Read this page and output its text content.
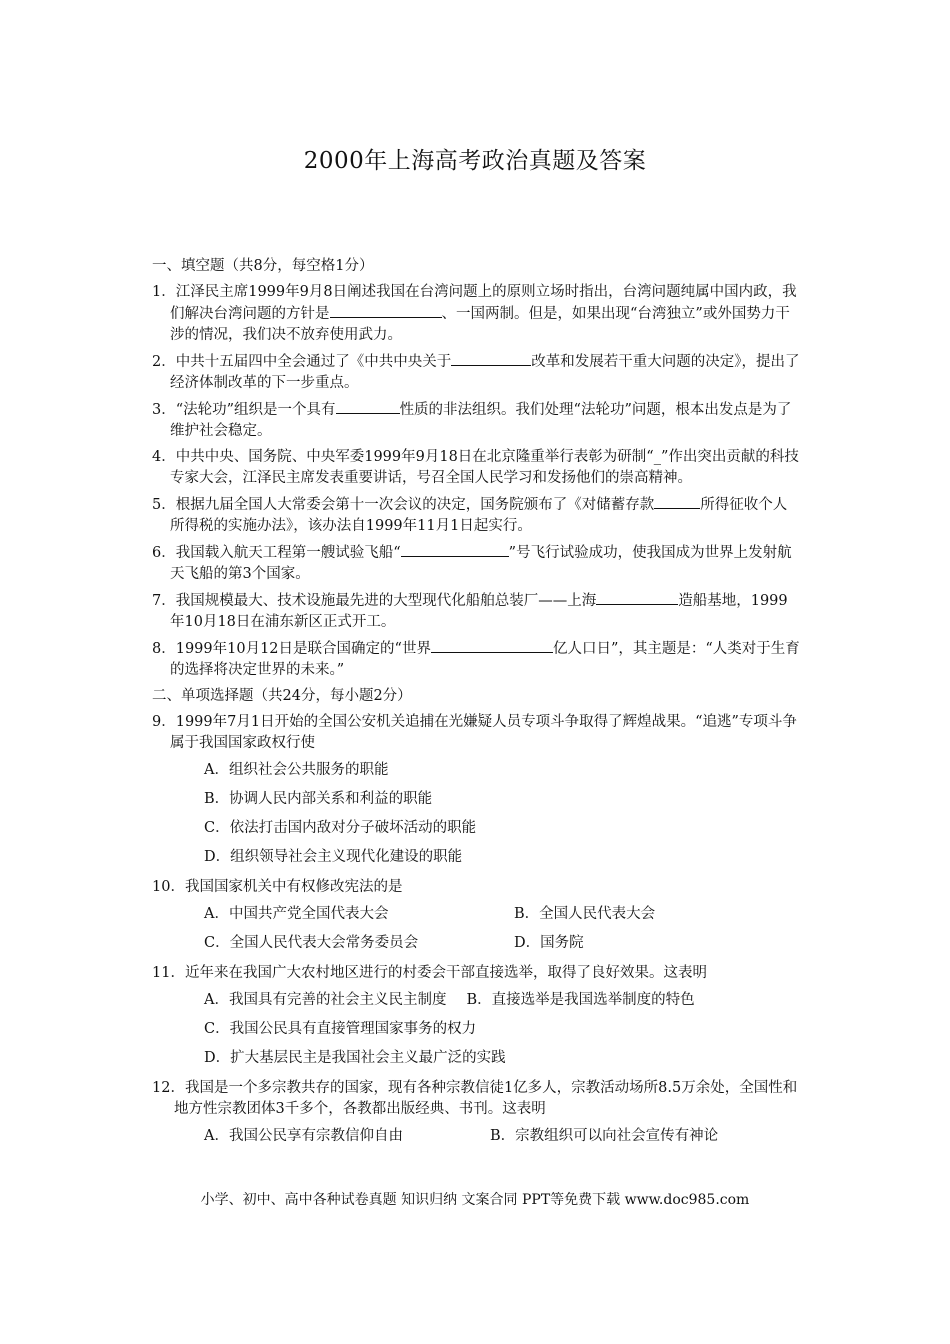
2000年上海高考政治真题及答案
一、填空题（共8分，每空格1分）
1．江泽民主席1999年9月8日阐述我国在台湾问题上的原则立场时指出，台湾问题纯属中国内政，我们解决台湾问题的方针是	、一国两制。但是，如果出现“台湾独立”或外国势力干涉的情况，我们决不放弃使用武力。
2．中共十五届四中全会通过了《中共中央关于	改革和发展若干重大问题的决定》，提出了经济体制改革的下一步重点。
3．“法轮功”组织是一个具有	性质的非法组织。我们处理“法轮功”问题，根本出发点是为了维护社会稳定。
4．中共中央、国务院、中央军委1999年9月18日在北京隆重举行表彰为研制“_”作出突出贡献的科技专家大会，江泽民主席发表重要讲话，号召全国人民学习和发扬他们的崇高精神。
5．根据九届全国人大常委会第十一次会议的决定，国务院颁布了《对储蓄存款	所得征收个人所得税的实施办法》，该办法自1999年11月1日起实行。
6．我国载入航天工程第一艘试验飞船“	”号飞行试验成功，使我国成为世界上发射航天飞船的第3个国家。
7．我国规模最大、技术设施最先进的大型现代化船舶总装厂——上海	造船基地，1999年10月18日在浦东新区正式开工。
8．1999年10月12日是联合国确定的“世界	亿人口日”，其主题是：“人类对于生育的选择将决定世界的未来。”
二、单项选择题（共24分，每小题2分）
9．1999年7月1日开始的全国公安机关追捕在光嫌疑人员专项斗争取得了辉煌战果。“追逃”专项斗争属于我国国家政权行使
A．组织社会公共服务的职能
B．协调人民内部关系和利益的职能
C．依法打击国内敌对分子破坏活动的职能
D．组织领导社会主义现代化建设的职能
10．我国国家机关中有权修改宪法的是
A．中国共产党全国代表大会	B．全国人民代表大会
C．全国人民代表大会常务委员会	D．国务院
11．近年来在我国广大农村地区进行的村委会干部直接选举，取得了良好效果。这表明
A．我国具有完善的社会主义民主制度 B．直接选举是我国选举制度的特色
C．我国公民具有直接管理国家事务的权力
D．扩大基层民主是我国社会主义最广泛的实践
12．我国是一个多宗教共存的国家，现有各种宗教信徒1亿多人，宗教活动场所8.5万余处，全国性和地方性宗教团体3千多个，各教都出版经典、书刊。这表明
A．我国公民享有宗教信仰自由	B．宗教组织可以向社会宣传有神论
小学、初中、高中各种试卷真题 知识归纳 文案合同 PPT等免费下载 www.doc985.com
